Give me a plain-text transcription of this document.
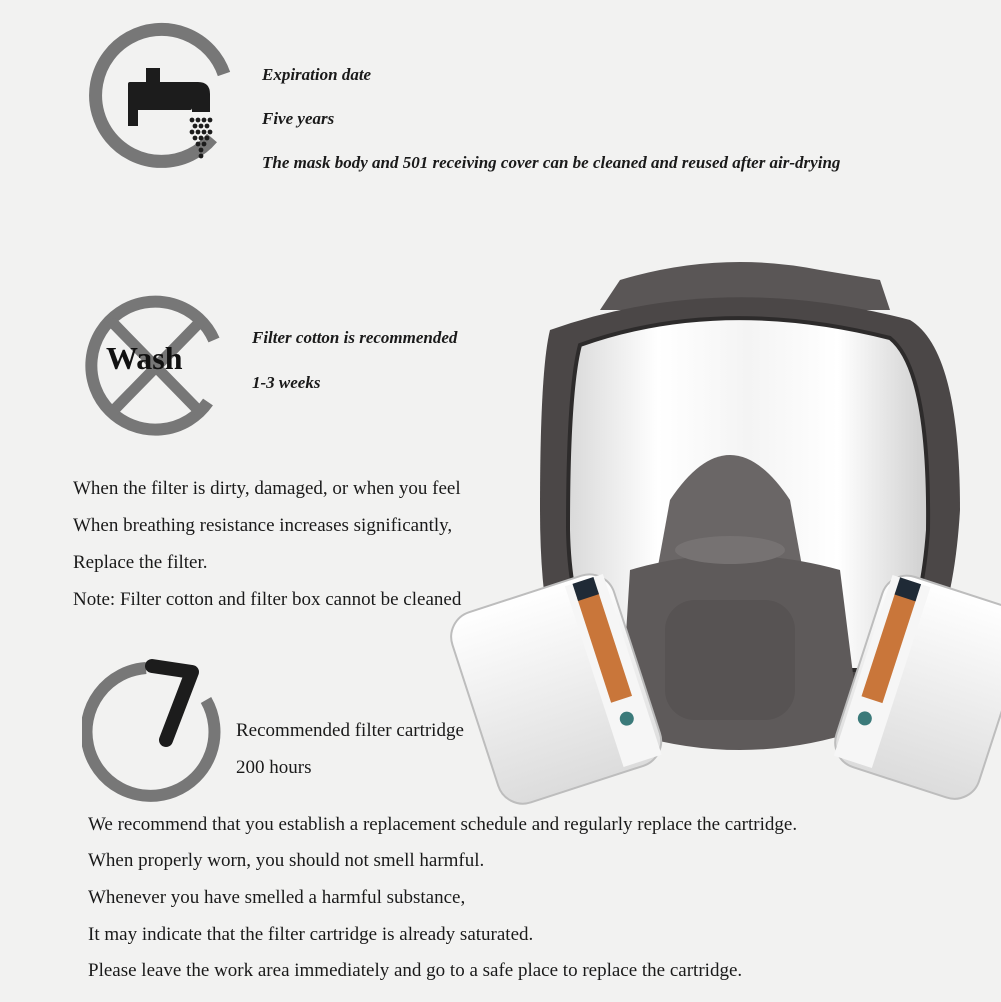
Expiration date
Five years
The mask body and 501 receiving cover can be cleaned and reused after air-drying
Wash
Filter cotton is recommended
1-3 weeks
When the filter is dirty, damaged, or when you feel
When breathing resistance increases significantly,
Replace the filter.
Note: Filter cotton and filter box cannot be cleaned
Recommended filter cartridge
200 hours
We recommend that you establish a replacement schedule and regularly replace the cartridge.
When properly worn, you should not smell harmful.
Whenever you have smelled a harmful substance,
It may indicate that the filter cartridge is already saturated.
Please leave the work area immediately and go to a safe place to replace the cartridge.
